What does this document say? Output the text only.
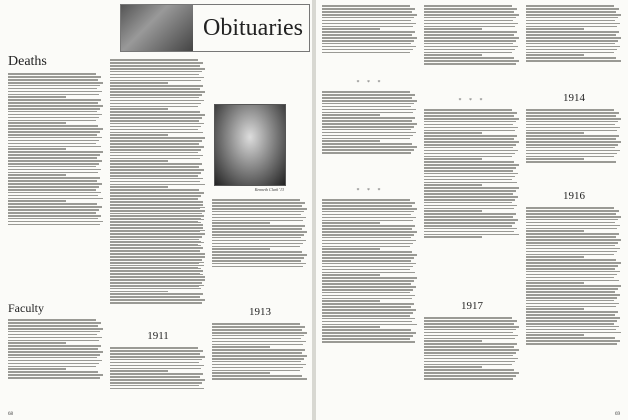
Obituaries
Deaths
Faculty
Kenneth Clark '13
1911
1913
68
* * *
* * *
* * *
1917
1914
1916
69
